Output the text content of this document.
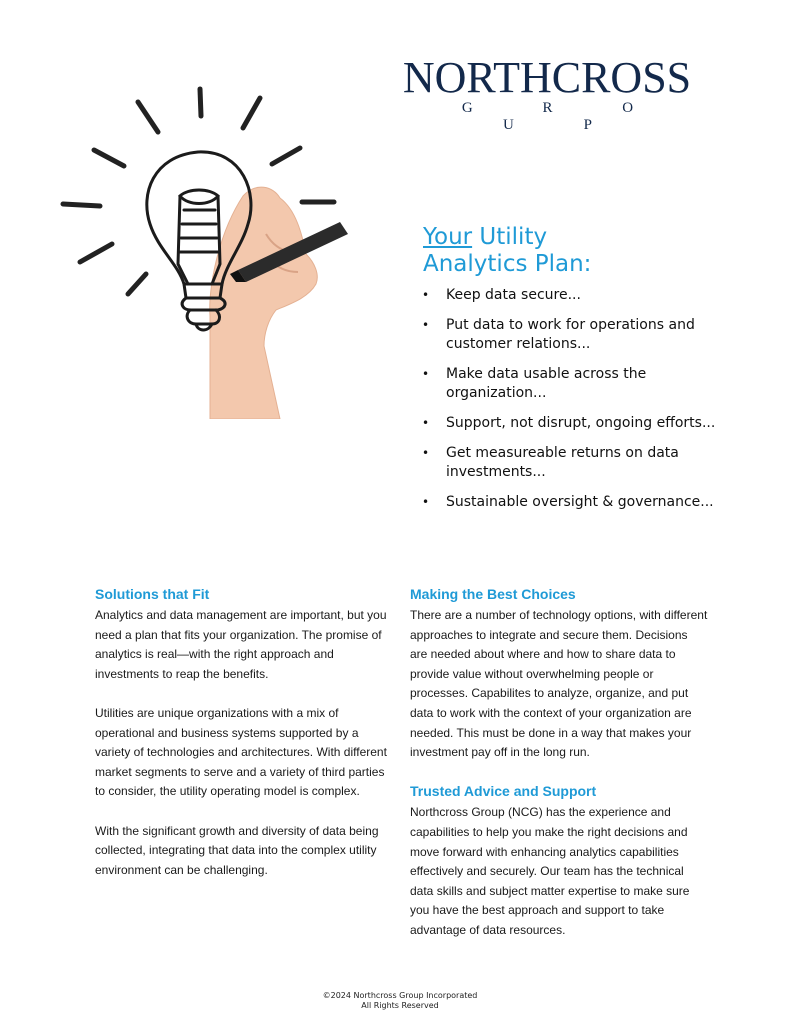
NORTHCROSS
G R O U P
Your Utility
Analytics Plan:
• Keep data secure...
• Put data to work for operations and customer relations...
• Make data usable across the organization...
• Support, not disrupt, ongoing efforts...
• Get measureable returns on data investments...
• Sustainable oversight & governance...
Solutions that Fit
Analytics and data management are important, but you need a plan that fits your organization. The promise of analytics is real—with the right approach and investments to reap the benefits.
Utilities are unique organizations with a mix of operational and business systems supported by a variety of technologies and architectures. With different market segments to serve and a variety of third parties to consider, the utility operating model is complex.
With the significant growth and diversity of data being collected, integrating that data into the complex utility environment can be challenging.
Making the Best Choices
There are a number of technology options, with different approaches to integrate and secure them. Decisions are needed about where and how to share data to provide value without overwhelming people or processes. Capabilites to analyze, organize, and put data to work with the context of your organization are needed. This must be done in a way that makes your investment pay off in the long run.
Trusted Advice and Support
Northcross Group (NCG) has the experience and capabilities to help you make the right decisions and move forward with enhancing analytics capabilities effectively and securely. Our team has the technical data skills and subject matter expertise to make sure you have the best approach and support to take advantage of data resources.
©2024 Northcross Group Incorporated
All Rights Reserved
